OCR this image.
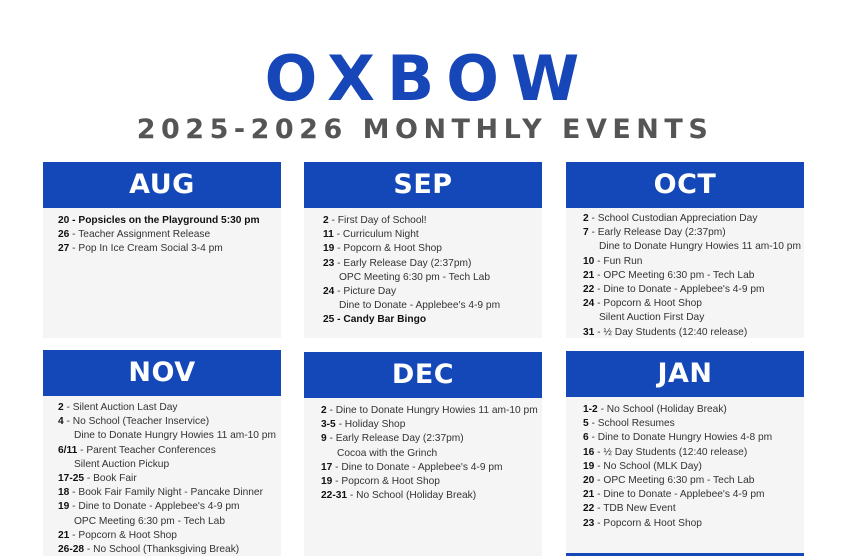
OXBOW
2025-2026 MONTHLY EVENTS
AUG
20 - Popsicles on the Playground 5:30 pm
26 - Teacher Assignment Release
27 - Pop In Ice Cream Social 3-4 pm
SEP
2 - First Day of School!
11 - Curriculum Night
19 - Popcorn & Hoot Shop
23 - Early Release Day (2:37pm)
OPC Meeting 6:30 pm - Tech Lab
24 - Picture Day
Dine to Donate - Applebee's 4-9 pm
25 - Candy Bar Bingo
OCT
2 - School Custodian Appreciation Day
7 - Early Release Day (2:37pm)
Dine to Donate Hungry Howies 11 am-10 pm
10 - Fun Run
21 - OPC Meeting 6:30 pm - Tech Lab
22 - Dine to Donate - Applebee's 4-9 pm
24 - Popcorn & Hoot Shop
Silent Auction First Day
31 - ½ Day Students (12:40 release)
NOV
2 - Silent Auction Last Day
4 - No School (Teacher Inservice)
Dine to Donate Hungry Howies 11 am-10 pm
6/11 - Parent Teacher Conferences
Silent Auction Pickup
17-25 - Book Fair
18 - Book Fair Family Night - Pancake Dinner
19 - Dine to Donate - Applebee's 4-9 pm
OPC Meeting 6:30 pm - Tech Lab
21 - Popcorn & Hoot Shop
26-28 - No School (Thanksgiving Break)
DEC
2 - Dine to Donate Hungry Howies 11 am-10 pm
3-5 - Holiday Shop
9 - Early Release Day (2:37pm)
Cocoa with the Grinch
17 - Dine to Donate - Applebee's 4-9 pm
19 - Popcorn & Hoot Shop
22-31 - No School (Holiday Break)
JAN
1-2 - No School (Holiday Break)
5 - School Resumes
6 - Dine to Donate Hungry Howies 4-8 pm
16 - ½ Day Students (12:40 release)
19 - No School (MLK Day)
20 - OPC Meeting 6:30 pm - Tech Lab
21 - Dine to Donate - Applebee's 4-9 pm
22 - TDB New Event
23 - Popcorn & Hoot Shop
